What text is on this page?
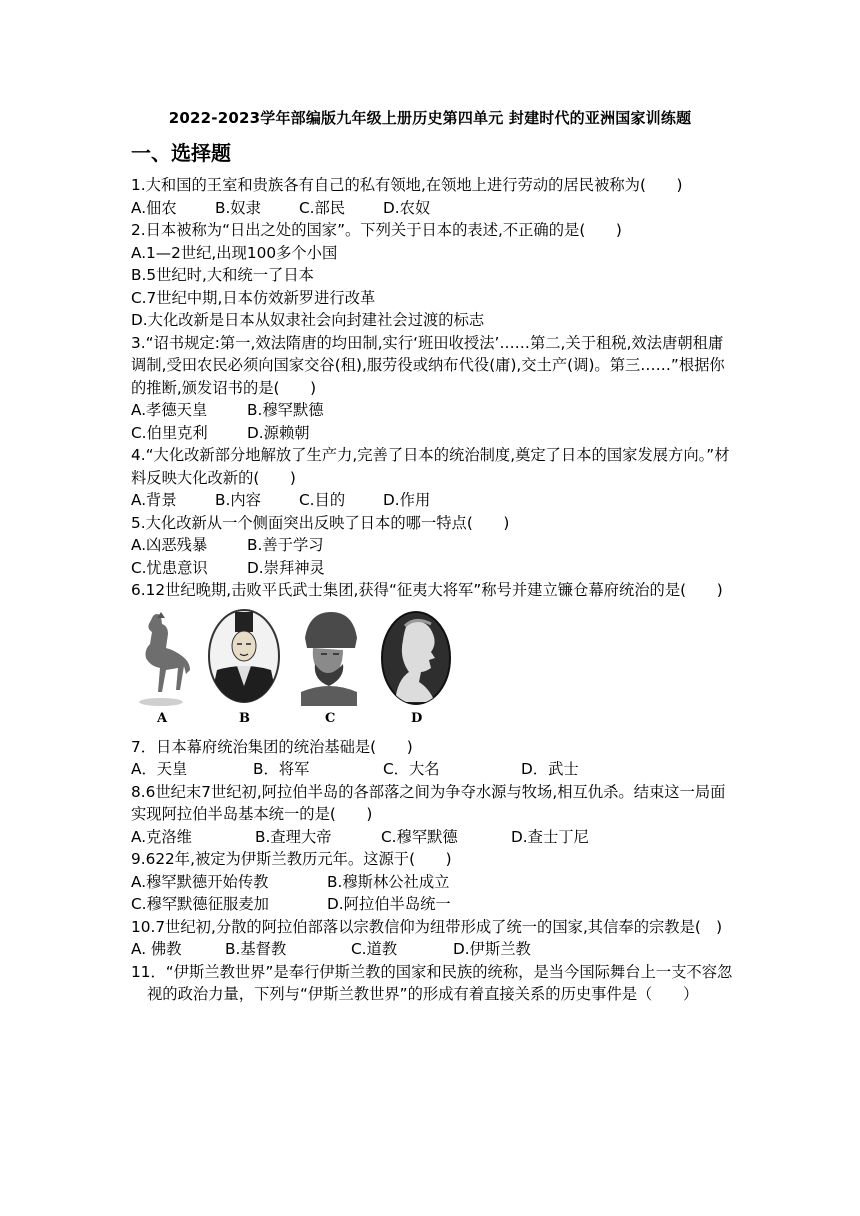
2022-2023学年部编版九年级上册历史第四单元 封建时代的亚洲国家训练题
一、选择题

1.大和国的王室和贵族各有自己的私有领地,在领地上进行劳动的居民被称为(　　)

A.佃农	B.奴隶	C.部民	D.农奴

2.日本被称为“日出之处的国家”。下列关于日本的表述,不正确的是(　　)

A.1—2世纪,出现100多个小国

B.5世纪时,大和统一了日本

C.7世纪中期,日本仿效新罗进行改革

D.大化改新是日本从奴隶社会向封建社会过渡的标志

3.“诏书规定:第一,效法隋唐的均田制,实行‘班田收授法’……第二,关于租税,效法唐朝租庸调制,受田农民必须向国家交谷(租),服劳役或纳布代役(庸),交土产(调)。第三……”根据你的推断,颁发诏书的是(　　)

A.孝德天皇	B.穆罕默德
C.伯里克利	D.源赖朝

4.“大化改新部分地解放了生产力,完善了日本的统治制度,奠定了日本的国家发展方向。”材料反映大化改新的(　　)

A.背景	B.内容	C.目的	D.作用

5.大化改新从一个侧面突出反映了日本的哪一特点(　　)

A.凶恶残暴	B.善于学习
C.忧患意识	D.崇拜神灵

6.12世纪晚期,击败平氏武士集团,获得“征夷大将军”称号并建立镰仓幕府统治的是(　　)

A	B	C	D

7．日本幕府统治集团的统治基础是(　　)

A．天皇	B．将军	C．大名	D．武士

8.6世纪末7世纪初,阿拉伯半岛的各部落之间为争夺水源与牧场,相互仇杀。结束这一局面实现阿拉伯半岛基本统一的是(　　)

A.克洛维	B.查理大帝	C.穆罕默德	D.查士丁尼

9.622年,被定为伊斯兰教历元年。这源于(　　)

A.穆罕默德开始传教	B.穆斯林公社成立
C.穆罕默德征服麦加	D.阿拉伯半岛统一

10.7世纪初,分散的阿拉伯部落以宗教信仰为纽带形成了统一的国家,其信奉的宗教是(　)

A. 佛教	B.基督教	C.道教	D.伊斯兰教

11．“伊斯兰教世界”是奉行伊斯兰教的国家和民族的统称，是当今国际舞台上一支不容忽视的政治力量，下列与“伊斯兰教世界”的形成有着直接关系的历史事件是（　　）
